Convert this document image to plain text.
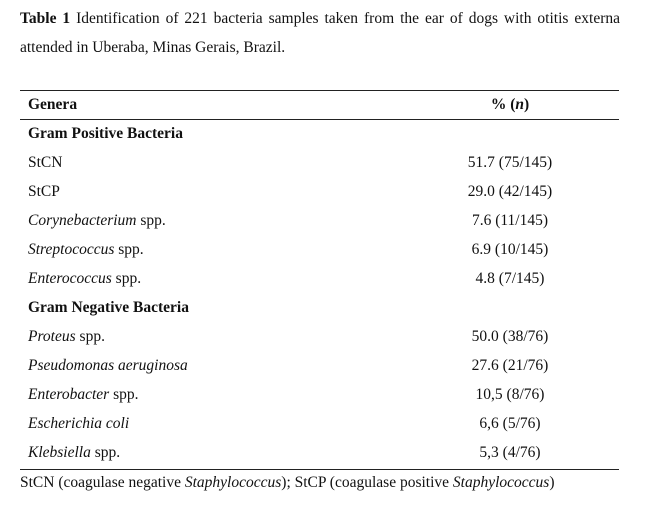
Table 1 Identification of 221 bacteria samples taken from the ear of dogs with otitis externa attended in Uberaba, Minas Gerais, Brazil.
Genera	% (n)
Gram Positive Bacteria
StCN	51.7 (75/145)
StCP	29.0 (42/145)
Corynebacterium spp.	7.6 (11/145)
Streptococcus spp.	6.9 (10/145)
Enterococcus spp.	4.8 (7/145)
Gram Negative Bacteria
Proteus spp.	50.0 (38/76)
Pseudomonas aeruginosa	27.6 (21/76)
Enterobacter spp.	10,5 (8/76)
Escherichia coli	6,6 (5/76)
Klebsiella spp.	5,3 (4/76)
StCN (coagulase negative Staphylococcus); StCP (coagulase positive Staphylococcus)
